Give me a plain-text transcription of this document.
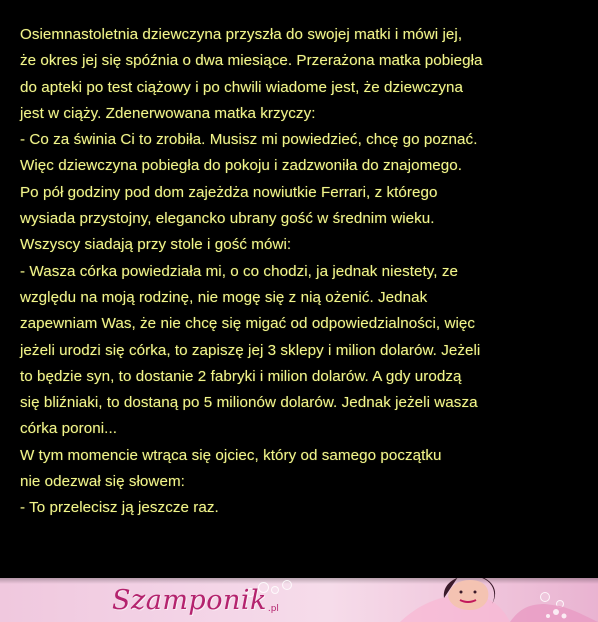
Osiemnastoletnia dziewczyna przyszła do swojej matki i mówi jej,
że okres jej się spóźnia o dwa miesiące. Przerażona matka pobiegła
do apteki po test ciążowy i po chwili wiadome jest, że dziewczyna
jest w ciąży. Zdenerwowana matka krzyczy:
- Co za świnia Ci to zrobiła. Musisz mi powiedzieć, chcę go poznać.
Więc dziewczyna pobiegła do pokoju i zadzwoniła do znajomego.
Po pół godziny pod dom zajeżdża nowiutkie Ferrari, z którego
wysiada przystojny, elegancko ubrany gość w średnim wieku.
Wszyscy siadają przy stole i gość mówi:
- Wasza córka powiedziała mi, o co chodzi, ja jednak niestety, ze
względu na moją rodzinę, nie mogę się z nią ożenić. Jednak
zapewniam Was, że nie chcę się migać od odpowiedzialności, więc
jeżeli urodzi się córka, to zapiszę jej 3 sklepy i milion dolarów. Jeżeli
to będzie syn, to dostanie 2 fabryki i milion dolarów. A gdy urodzą
się bliźniaki, to dostaną po 5 milionów dolarów. Jednak jeżeli wasza
córka poroni...
W tym momencie wtrąca się ojciec, który od samego początku
nie odezwał się słowem:
- To przelecisz ją jeszcze raz.
Szamponik.pl
